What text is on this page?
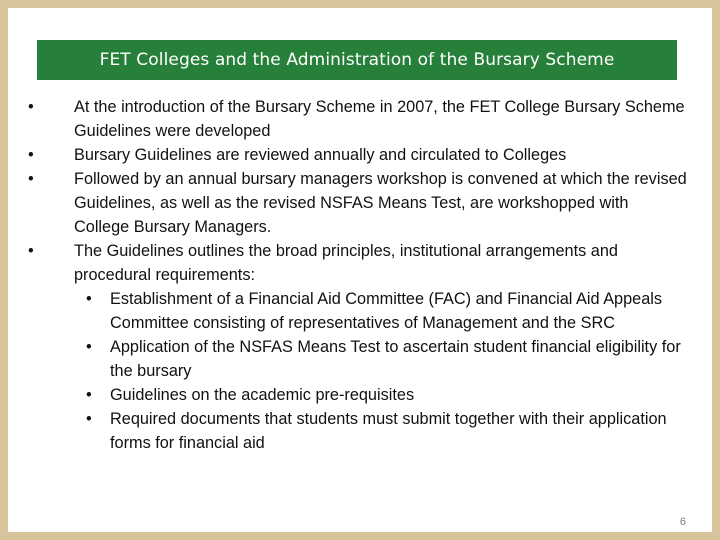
FET Colleges and the Administration of the Bursary Scheme
•	At the introduction of the Bursary Scheme in 2007, the FET College Bursary Scheme Guidelines were developed
•	Bursary Guidelines are reviewed annually and circulated to Colleges
•	Followed by an annual bursary managers workshop is convened at which the revised Guidelines, as well as the revised NSFAS Means Test, are workshopped with College Bursary Managers.
•	The Guidelines outlines the broad principles, institutional arrangements and procedural requirements:
•	Establishment of a Financial Aid Committee (FAC) and Financial Aid Appeals Committee consisting of representatives of Management and the SRC
•	Application of the NSFAS Means Test to ascertain student financial eligibility for the bursary
•	Guidelines on the academic pre-requisites
•	Required documents that students must submit together with their application forms for financial aid
6
